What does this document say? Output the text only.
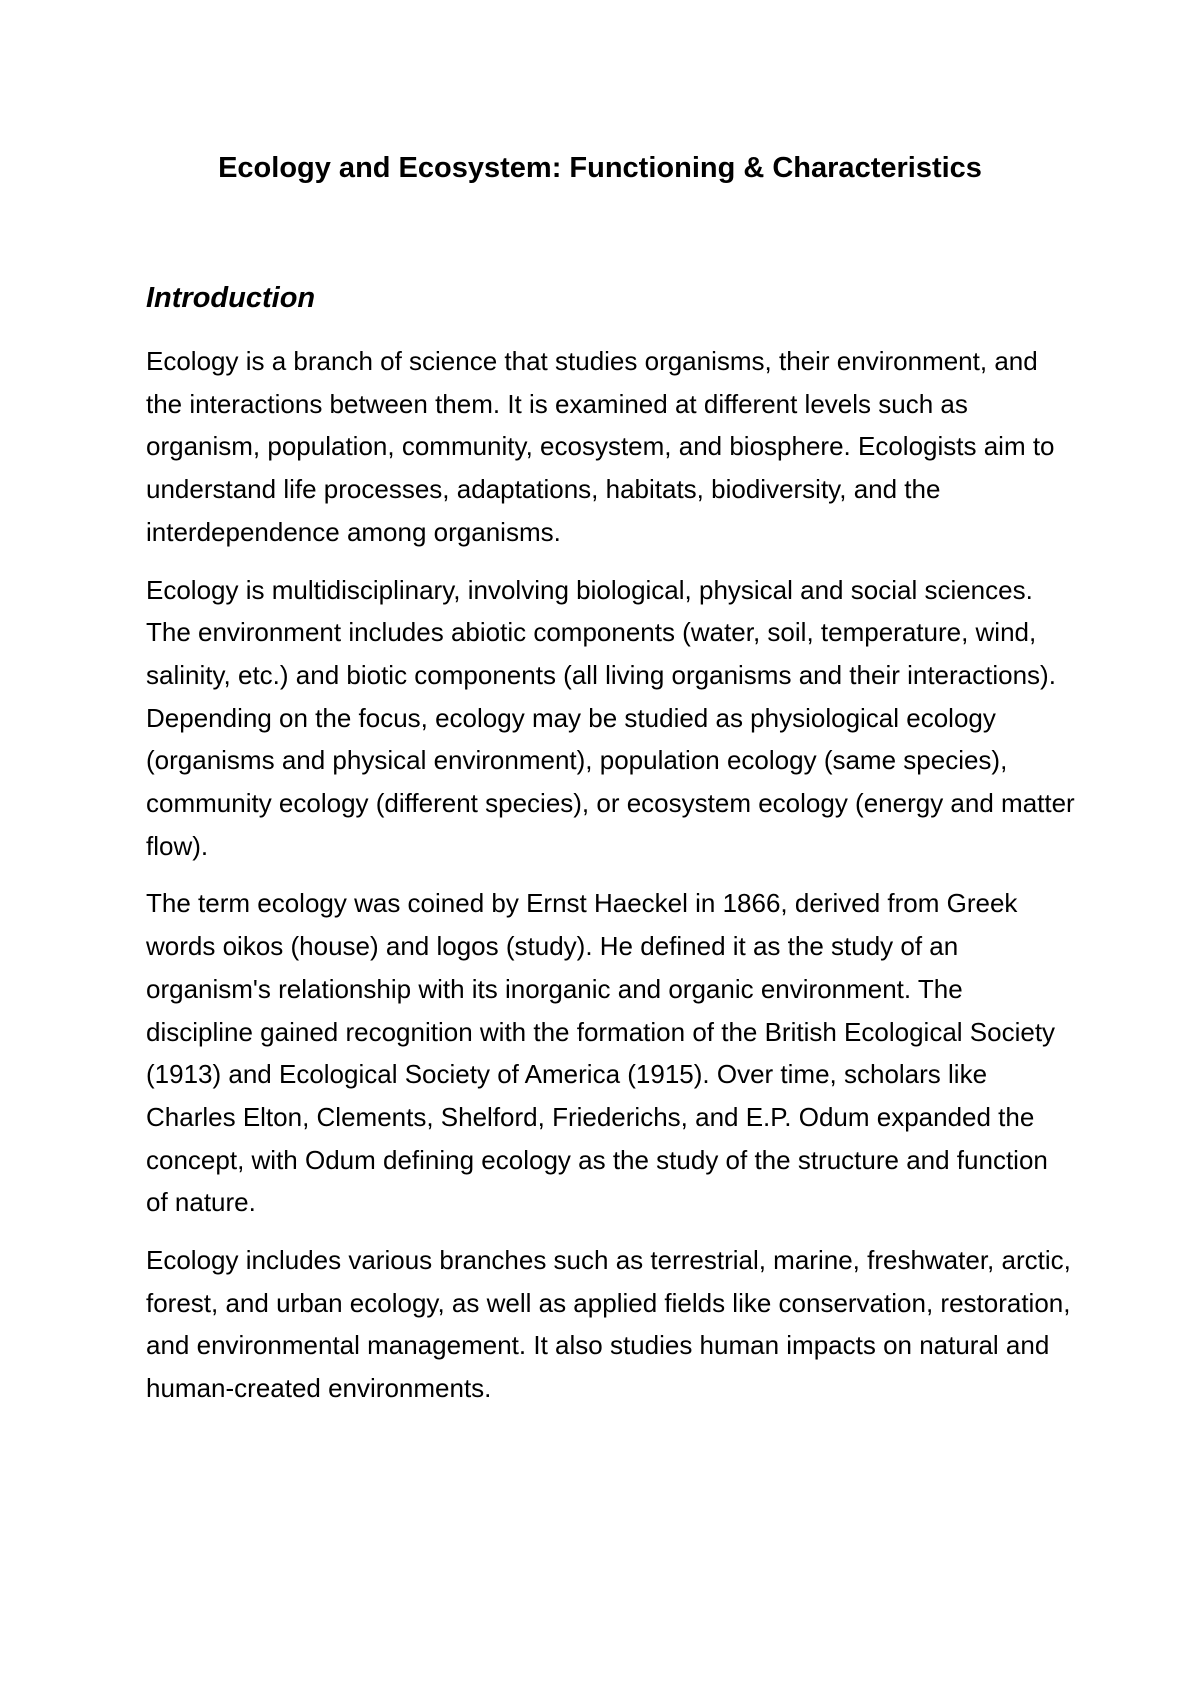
Ecology and Ecosystem: Functioning & Characteristics
Introduction

Ecology is a branch of science that studies organisms, their environment, and the interactions between them. It is examined at different levels such as organism, population, community, ecosystem, and biosphere. Ecologists aim to understand life processes, adaptations, habitats, biodiversity, and the interdependence among organisms.

Ecology is multidisciplinary, involving biological, physical and social sciences. The environment includes abiotic components (water, soil, temperature, wind, salinity, etc.) and biotic components (all living organisms and their interactions). Depending on the focus, ecology may be studied as physiological ecology (organisms and physical environment), population ecology (same species), community ecology (different species), or ecosystem ecology (energy and matter flow).

The term ecology was coined by Ernst Haeckel in 1866, derived from Greek words oikos (house) and logos (study). He defined it as the study of an organism's relationship with its inorganic and organic environment. The discipline gained recognition with the formation of the British Ecological Society (1913) and Ecological Society of America (1915). Over time, scholars like Charles Elton, Clements, Shelford, Friederichs, and E.P. Odum expanded the concept, with Odum defining ecology as the study of the structure and function of nature.

Ecology includes various branches such as terrestrial, marine, freshwater, arctic, forest, and urban ecology, as well as applied fields like conservation, restoration, and environmental management. It also studies human impacts on natural and human-created environments.
